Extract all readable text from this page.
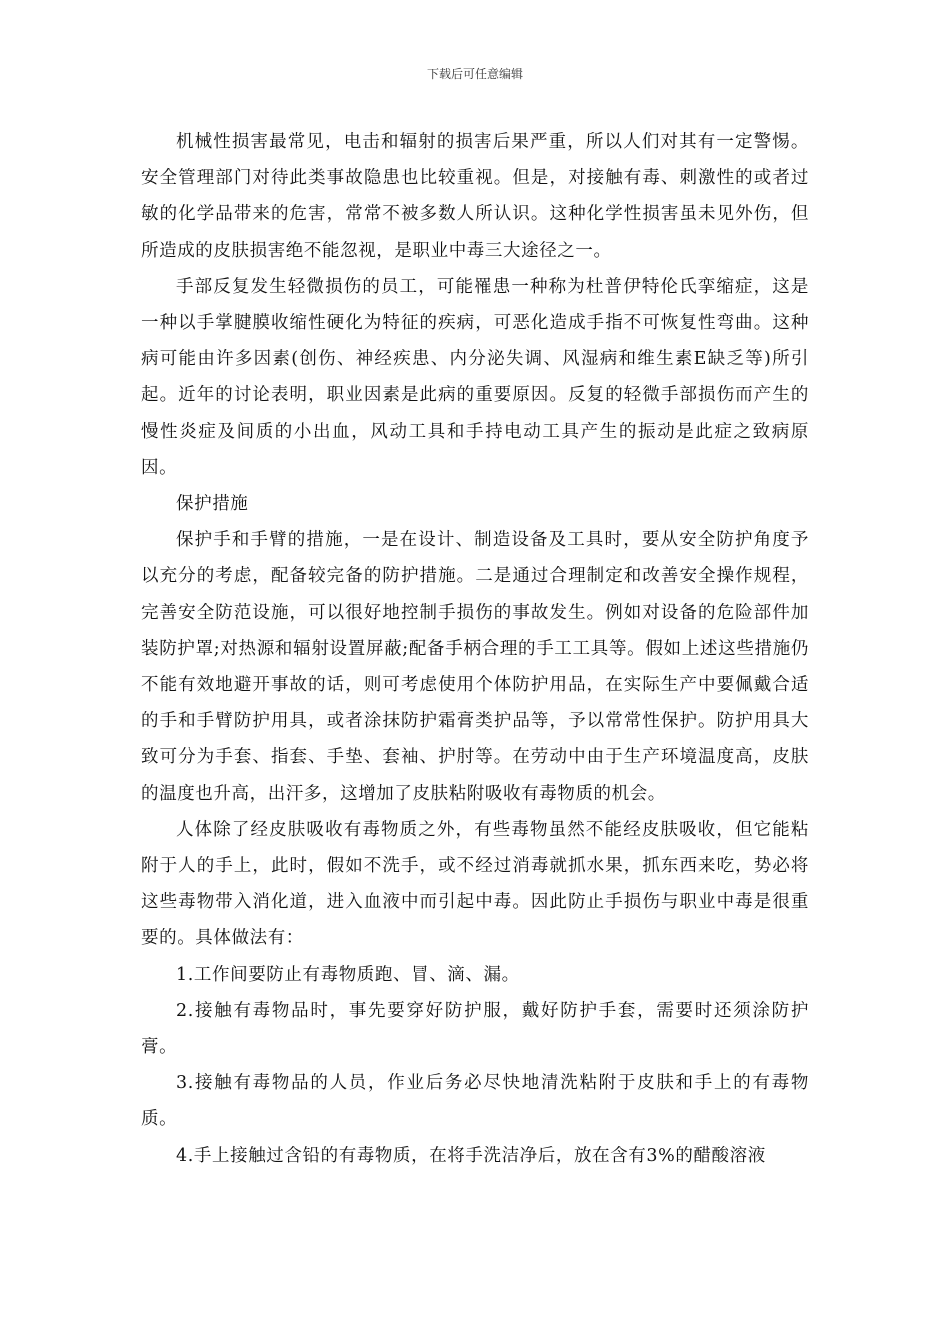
下载后可任意编辑

机械性损害最常见，电击和辐射的损害后果严重，所以人们对其有一定警惕。安全管理部门对待此类事故隐患也比较重视。但是，对接触有毒、刺激性的或者过敏的化学品带来的危害，常常不被多数人所认识。这种化学性损害虽未见外伤，但所造成的皮肤损害绝不能忽视，是职业中毒三大途径之一。

手部反复发生轻微损伤的员工，可能罹患一种称为杜普伊特伦氏挛缩症，这是一种以手掌腱膜收缩性硬化为特征的疾病，可恶化造成手指不可恢复性弯曲。这种病可能由许多因素(创伤、神经疾患、内分泌失调、风湿病和维生素E缺乏等)所引起。近年的讨论表明，职业因素是此病的重要原因。反复的轻微手部损伤而产生的慢性炎症及间质的小出血，风动工具和手持电动工具产生的振动是此症之致病原因。

保护措施

保护手和手臂的措施，一是在设计、制造设备及工具时，要从安全防护角度予以充分的考虑，配备较完备的防护措施。二是通过合理制定和改善安全操作规程，完善安全防范设施，可以很好地控制手损伤的事故发生。例如对设备的危险部件加装防护罩;对热源和辐射设置屏蔽;配备手柄合理的手工工具等。假如上述这些措施仍不能有效地避开事故的话，则可考虑使用个体防护用品，在实际生产中要佩戴合适的手和手臂防护用具，或者涂抹防护霜膏类护品等，予以常常性保护。防护用具大致可分为手套、指套、手垫、套袖、护肘等。在劳动中由于生产环境温度高，皮肤的温度也升高，出汗多，这增加了皮肤粘附吸收有毒物质的机会。

人体除了经皮肤吸收有毒物质之外，有些毒物虽然不能经皮肤吸收，但它能粘附于人的手上，此时，假如不洗手，或不经过消毒就抓水果，抓东西来吃，势必将这些毒物带入消化道，进入血液中而引起中毒。因此防止手损伤与职业中毒是很重要的。具体做法有：

1.工作间要防止有毒物质跑、冒、滴、漏。

2.接触有毒物品时，事先要穿好防护服，戴好防护手套，需要时还须涂防护膏。

3.接触有毒物品的人员，作业后务必尽快地清洗粘附于皮肤和手上的有毒物质。

4.手上接触过含铅的有毒物质，在将手洗洁净后，放在含有3%的醋酸溶液
